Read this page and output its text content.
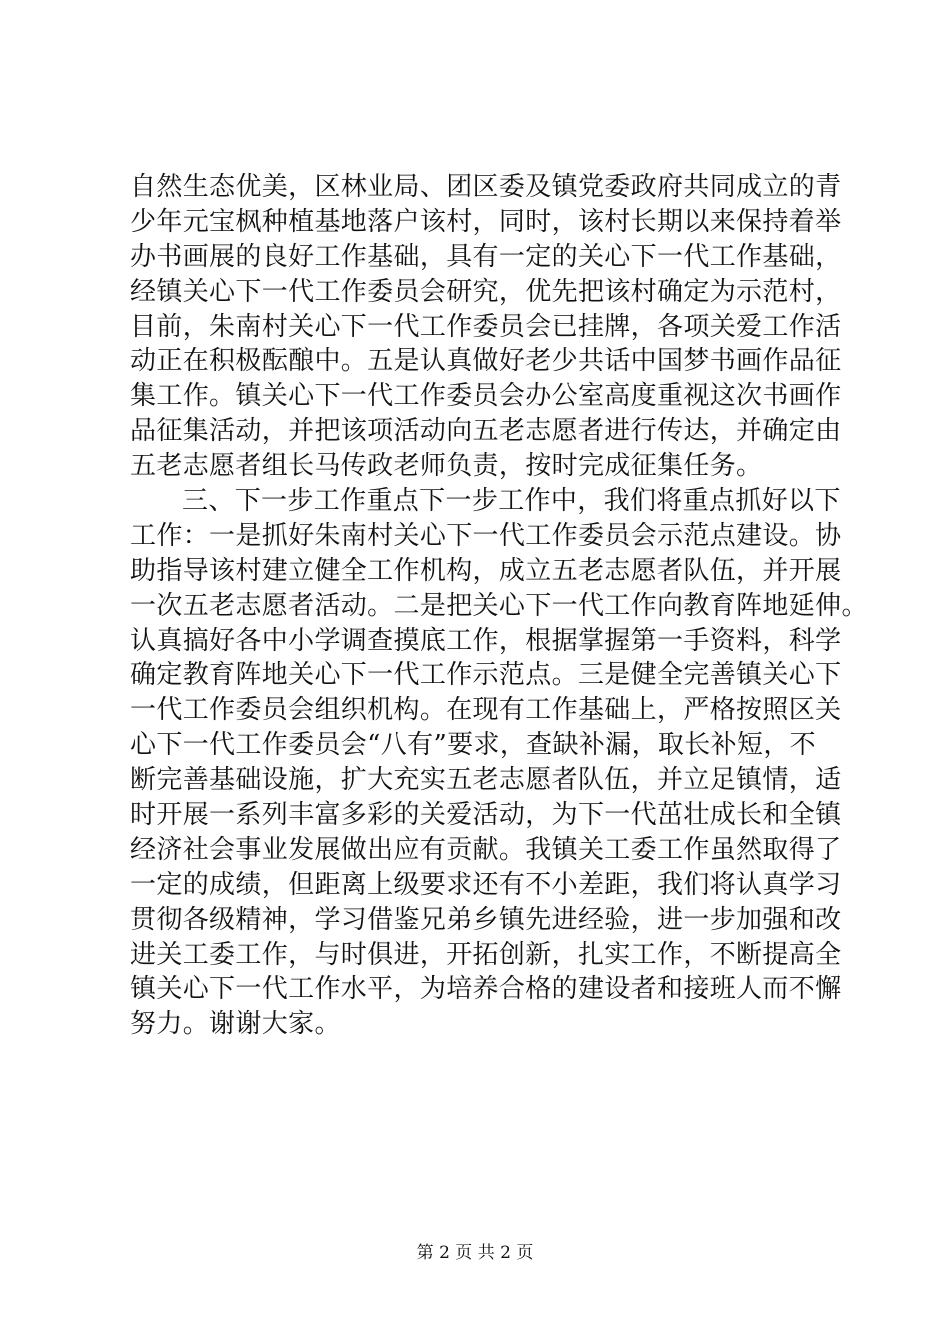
自然生态优美，区林业局、团区委及镇党委政府共同成立的青
少年元宝枫种植基地落户该村，同时，该村长期以来保持着举
办书画展的良好工作基础，具有一定的关心下一代工作基础，
经镇关心下一代工作委员会研究，优先把该村确定为示范村，
目前，朱南村关心下一代工作委员会已挂牌，各项关爱工作活
动正在积极酝酿中。五是认真做好老少共话中国梦书画作品征
集工作。镇关心下一代工作委员会办公室高度重视这次书画作
品征集活动，并把该项活动向五老志愿者进行传达，并确定由
五老志愿者组长马传政老师负责，按时完成征集任务。
三、下一步工作重点下一步工作中，我们将重点抓好以下
工作：一是抓好朱南村关心下一代工作委员会示范点建设。协
助指导该村建立健全工作机构，成立五老志愿者队伍，并开展
一次五老志愿者活动。二是把关心下一代工作向教育阵地延伸。
认真搞好各中小学调查摸底工作，根据掌握第一手资料，科学
确定教育阵地关心下一代工作示范点。三是健全完善镇关心下
一代工作委员会组织机构。在现有工作基础上，严格按照区关
心下一代工作委员会“八有”要求，查缺补漏，取长补短，不
断完善基础设施，扩大充实五老志愿者队伍，并立足镇情，适
时开展一系列丰富多彩的关爱活动，为下一代茁壮成长和全镇
经济社会事业发展做出应有贡献。我镇关工委工作虽然取得了
一定的成绩，但距离上级要求还有不小差距，我们将认真学习
贯彻各级精神，学习借鉴兄弟乡镇先进经验，进一步加强和改
进关工委工作，与时俱进，开拓创新，扎实工作，不断提高全
镇关心下一代工作水平，为培养合格的建设者和接班人而不懈
努力。谢谢大家。
第 2 页 共 2 页
